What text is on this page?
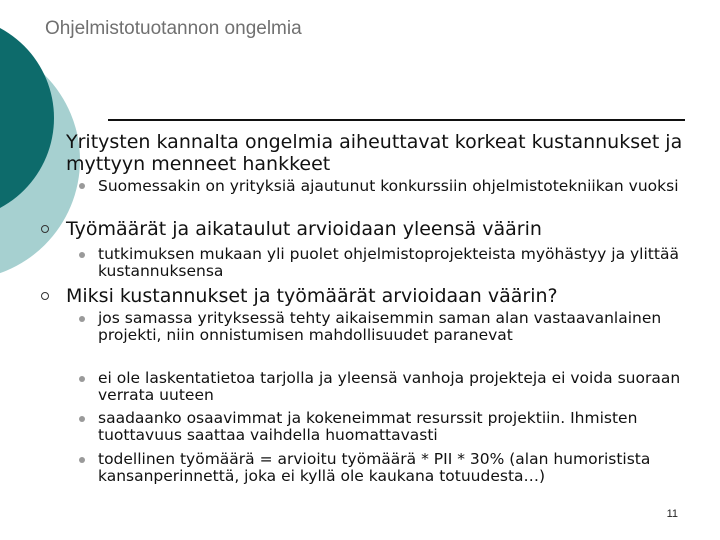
Ohjelmistotuotannon ongelmia

Yritysten kannalta ongelmia aiheuttavat korkeat kustannukset ja myttyyn menneet hankkeet

Suomessakin on yrityksiä ajautunut konkurssiin ohjelmistotekniikan vuoksi

Työmäärät ja aikataulut arvioidaan yleensä väärin

tutkimuksen mukaan yli puolet ohjelmistoprojekteista myöhästyy ja ylittää kustannuksensa

Miksi kustannukset ja työmäärät arvioidaan väärin?

jos samassa yrityksessä tehty aikaisemmin saman alan vastaavanlainen projekti, niin onnistumisen mahdollisuudet paranevat

ei ole laskentatietoa tarjolla ja yleensä vanhoja projekteja ei voida suoraan verrata uuteen

saadaanko osaavimmat ja kokeneimmat resurssit projektiin. Ihmisten tuottavuus saattaa vaihdella huomattavasti

todellinen työmäärä = arvioitu työmäärä * PII * 30% (alan humoristista kansanperinnettä, joka ei kyllä ole kaukana totuudesta…)

11
